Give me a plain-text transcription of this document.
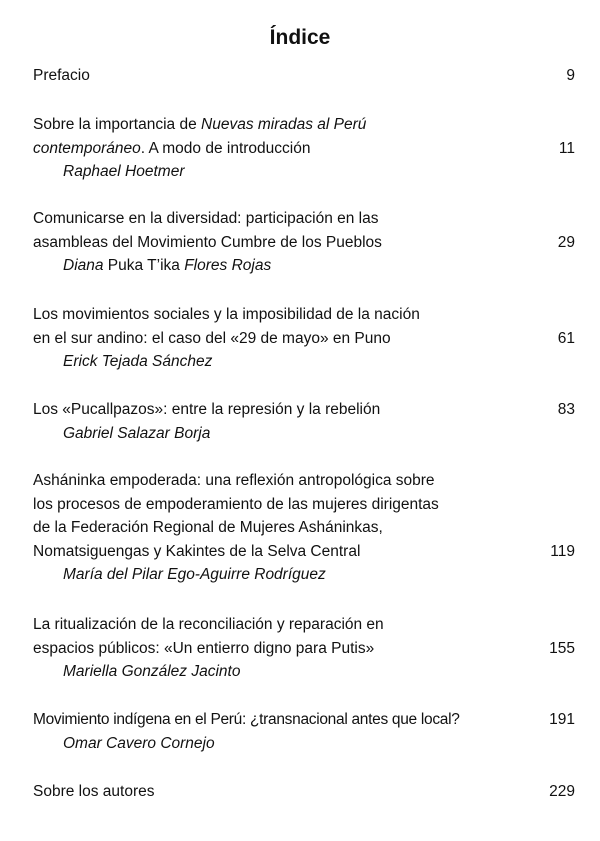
Índice
Prefacio	9
Sobre la importancia de Nuevas miradas al Perú
contemporáneo. A modo de introducción	11
Raphael Hoetmer
Comunicarse en la diversidad: participación en las
asambleas del Movimiento Cumbre de los Pueblos	29
Diana Puka T’ika Flores Rojas
Los movimientos sociales y la imposibilidad de la nación
en el sur andino: el caso del «29 de mayo» en Puno	61
Erick Tejada Sánchez
Los «Pucallpazos»: entre la represión y la rebelión	83
Gabriel Salazar Borja
Asháninka empoderada: una reflexión antropológica sobre
los procesos de empoderamiento de las mujeres dirigentas
de la Federación Regional de Mujeres Asháninkas,
Nomatsiguengas y Kakintes de la Selva Central	119
María del Pilar Ego-Aguirre Rodríguez
La ritualización de la reconciliación y reparación en
espacios públicos: «Un entierro digno para Putis»	155
Mariella González Jacinto
Movimiento indígena en el Perú: ¿transnacional antes que local?	191
Omar Cavero Cornejo
Sobre los autores	229
